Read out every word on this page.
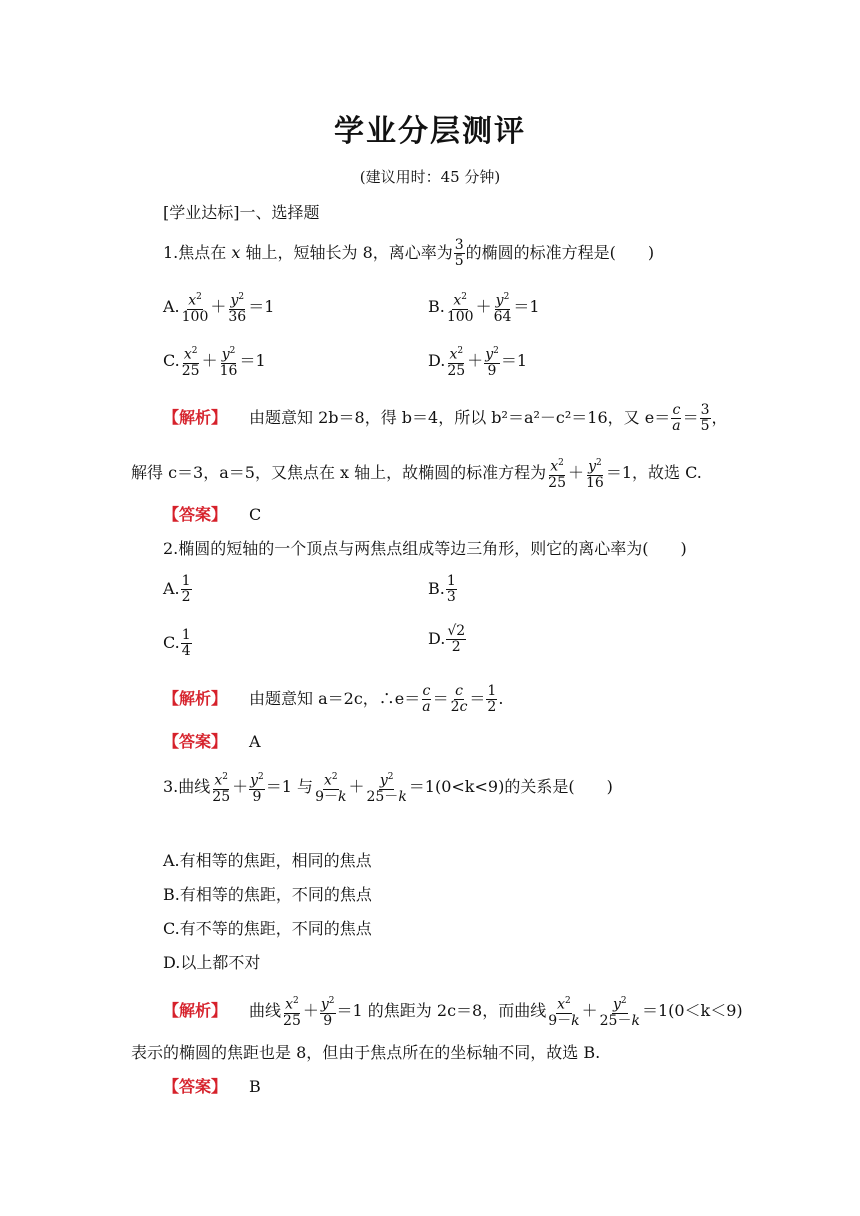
学业分层测评
(建议用时：45 分钟)
[学业达标]一、选择题
1.焦点在 x 轴上，短轴长为 8，离心率为 $\frac{3}{5}$ 的椭圆的标准方程是(　　)
A. $\frac{x^2}{100} + \frac{y^2}{36} =1$	B. $\frac{x^2}{100} + \frac{y^2}{64} =1$
C. $\frac{x^2}{25} + \frac{y^2}{16} =1$	D. $\frac{x^2}{25} + \frac{y^2}{9} =1$
【解析】 由题意知 2b＝8，得 b＝4，所以 b²＝a²－c²＝16，又 $e= \frac{c}{a} = \frac{3}{5}$ ，
解得 c＝3，a＝5，又焦点在 x 轴上，故椭圆的标准方程为 $\frac{x^2}{25} + \frac{y^2}{16} =1$，故选 C.
【答案】 C
2.椭圆的短轴的一个顶点与两焦点组成等边三角形，则它的离心率为(　　)
A. $\frac{1}{2}$	B. $\frac{1}{3}$
C. $\frac{1}{4}$	D. $\frac{√2}{2}$
【解析】 由题意知 a＝2c，∴e＝ $\frac{c}{a} = \frac{c}{2c} = \frac{1}{2}$ .
【答案】 A
3.曲线 $\frac{x^2}{25} + \frac{y^2}{9} =1$ 与 $\frac{x^2}{9-k} + \frac{y^2}{25-k} =1(0<k<9)$的关系是(　　)
A.有相等的焦距，相同的焦点
B.有相等的焦距，不同的焦点
C.有不等的焦距，不同的焦点
D.以上都不对
【解析】 曲线 $\frac{x^2}{25} + \frac{y^2}{9} =1$ 的焦距为 2c＝8，而曲线 $\frac{x^2}{9-k} + \frac{y^2}{25-k} =1(0<k<9)$
表示的椭圆的焦距也是 8，但由于焦点所在的坐标轴不同，故选 B.
【答案】 B
